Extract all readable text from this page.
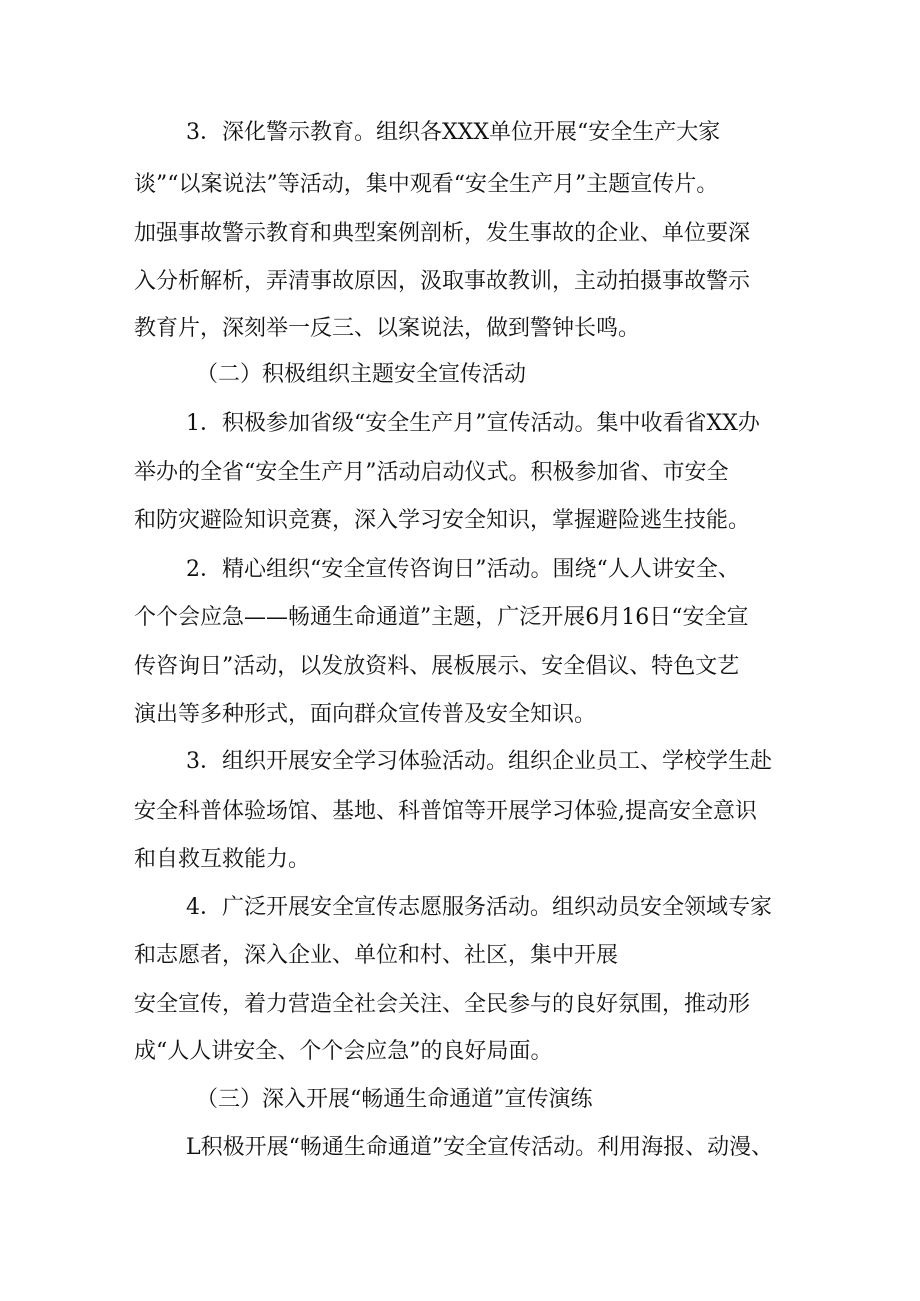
3．深化警示教育。组织各XXX单位开展“安全生产大家
谈”“以案说法”等活动，集中观看“安全生产月”主题宣传片。
加强事故警示教育和典型案例剖析，发生事故的企业、单位要深
入分析解析，弄清事故原因，汲取事故教训，主动拍摄事故警示
教育片，深刻举一反三、以案说法，做到警钟长鸣。
（二）积极组织主题安全宣传活动
1．积极参加省级“安全生产月”宣传活动。集中收看省XX办
举办的全省“安全生产月”活动启动仪式。积极参加省、市安全
和防灾避险知识竞赛，深入学习安全知识，掌握避险逃生技能。
2．精心组织“安全宣传咨询日”活动。围绕“人人讲安全、
个个会应急——畅通生命通道”主题，广泛开展6月16日“安全宣
传咨询日”活动，以发放资料、展板展示、安全倡议、特色文艺
演出等多种形式，面向群众宣传普及安全知识。
3．组织开展安全学习体验活动。组织企业员工、学校学生赴
安全科普体验场馆、基地、科普馆等开展学习体验,提高安全意识
和自救互救能力。
4．广泛开展安全宣传志愿服务活动。组织动员安全领域专家
和志愿者，深入企业、单位和村、社区，集中开展
安全宣传，着力营造全社会关注、全民参与的良好氛围，推动形
成“人人讲安全、个个会应急”的良好局面。
（三）深入开展“畅通生命通道”宣传演练
L积极开展“畅通生命通道”安全宣传活动。利用海报、动漫、
